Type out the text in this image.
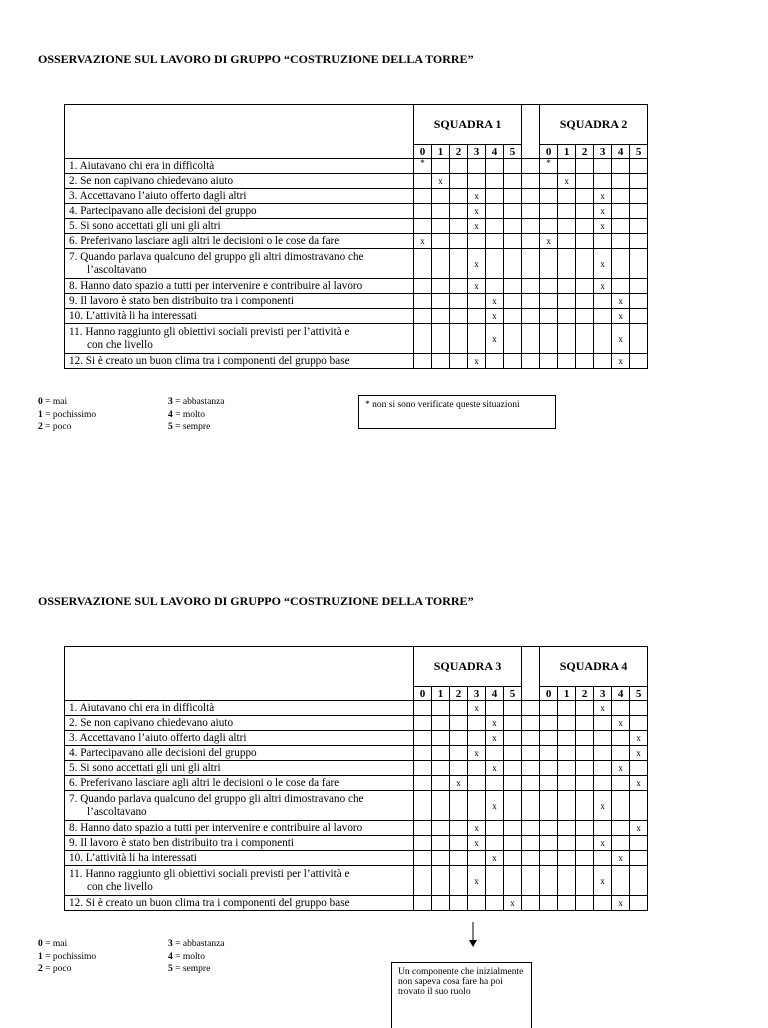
OSSERVAZIONE SUL LAVORO DI GRUPPO “COSTRUZIONE DELLA TORRE”
	SQUADRA 1							SQUADRA 2					
	0	1	2	3	4	5		0	1	2	3	4	5
1. Aiutavano chi era in difficoltà	*							*					
2. Se non capivano chiedevano aiuto		x							x				
3. Accettavano l’aiuto offerto dagli altri				x							x		
4. Partecipavano alle decisioni del gruppo				x							x		
5. Si sono accettati gli uni gli altri				x							x		
6. Preferivano lasciare agli altri le decisioni o le cose da fare	x							x					

7. Quando parlava qualcuno del gruppo gli altri dimostravano che
l’ascoltavano				x							x		
8. Hanno dato spazio a tutti per intervenire e contribuire al lavoro				x							x		
9. Il lavoro è stato ben distribuito tra i componenti					x							x	
10. L’attività li ha interessati					x							x	

11. Hanno raggiunto gli obiettivi sociali previsti per l’attività e
con che livello					x							x	
12. Si è creato un buon clima tra i componenti del gruppo base				x								x	
0 = mai
1 = pochissimo
2 = poco
3 = abbastanza
4 = molto
5 = sempre
* non si sono verificate queste situazioni
OSSERVAZIONE SUL LAVORO DI GRUPPO “COSTRUZIONE DELLA TORRE”
	SQUADRA 3							SQUADRA 4					
	0	1	2	3	4	5		0	1	2	3	4	5
1. Aiutavano chi era in difficoltà				x							x		
2. Se non capivano chiedevano aiuto					x							x	
3. Accettavano l’aiuto offerto dagli altri					x								x
4. Partecipavano alle decisioni del gruppo				x									x
5. Si sono accettati gli uni gli altri					x							x	
6. Preferivano lasciare agli altri le decisioni o le cose da fare			x										x

7. Quando parlava qualcuno del gruppo gli altri dimostravano che
l’ascoltavano					x						x		
8. Hanno dato spazio a tutti per intervenire e contribuire al lavoro				x									x
9. Il lavoro è stato ben distribuito tra i componenti				x							x		
10. L’attività li ha interessati					x							x	

11. Hanno raggiunto gli obiettivi sociali previsti per l’attività e
con che livello				x							x		
12. Si è creato un buon clima tra i componenti del gruppo base						x						x	
0 = mai
1 = pochissimo
2 = poco
3 = abbastanza
4 = molto
5 = sempre	Un componente che inizialmente non sapeva cosa fare ha poi trovato il suo ruolo
